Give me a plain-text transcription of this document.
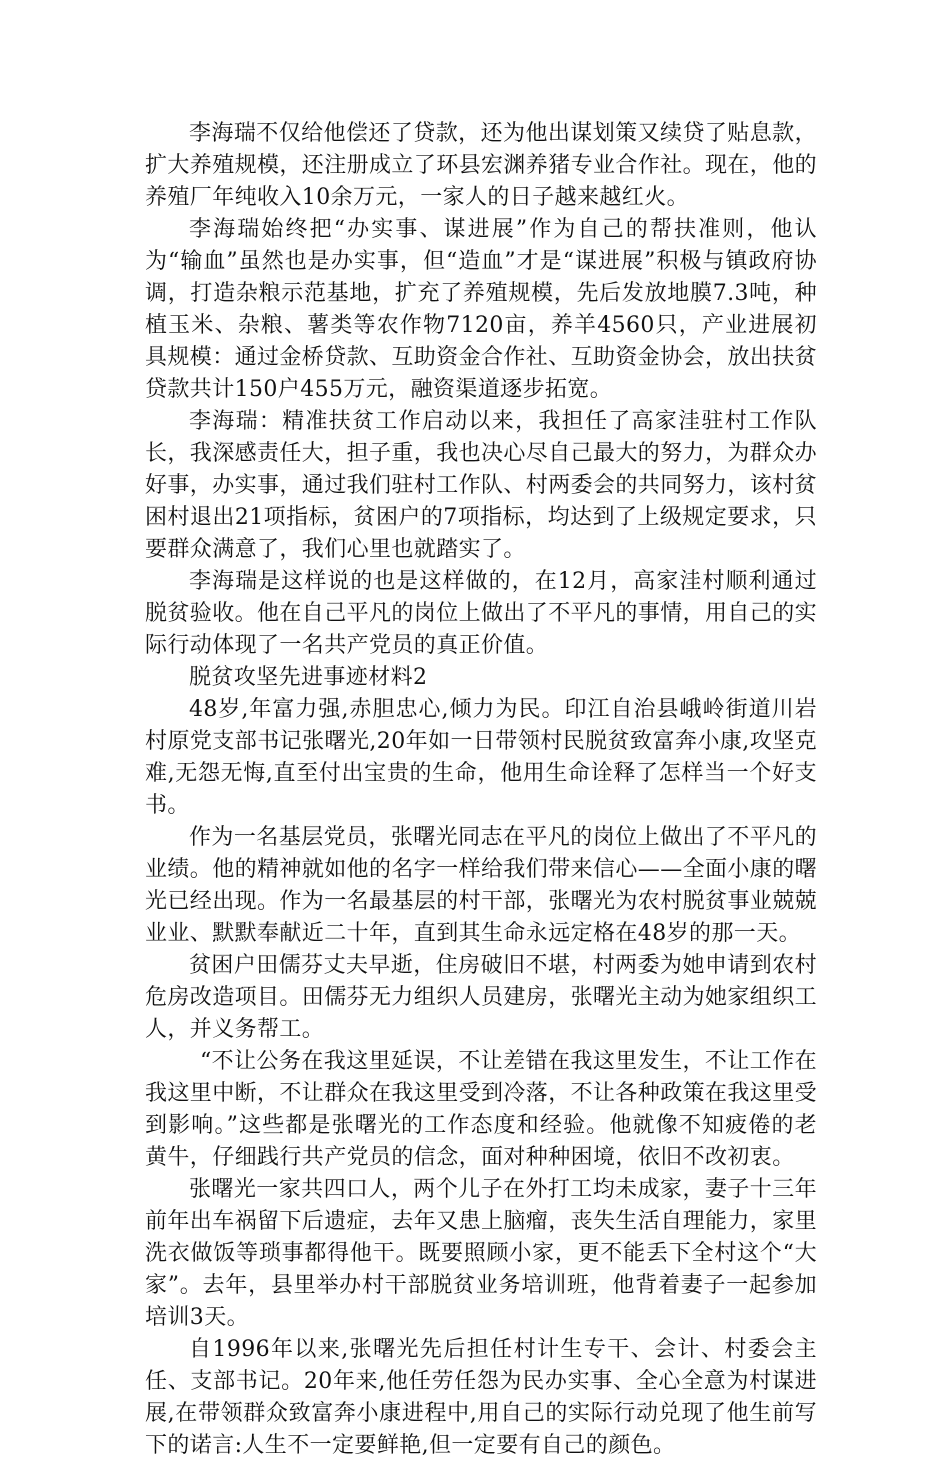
李海瑞不仅给他偿还了贷款，还为他出谋划策又续贷了贴息款，扩大养殖规模，还注册成立了环县宏渊养猪专业合作社。现在，他的养殖厂年纯收入10余万元，一家人的日子越来越红火。

李海瑞始终把“办实事、谋进展”作为自己的帮扶准则，他认为“输血”虽然也是办实事，但“造血”才是“谋进展”积极与镇政府协调，打造杂粮示范基地，扩充了养殖规模，先后发放地膜7.3吨，种植玉米、杂粮、薯类等农作物7120亩，养羊4560只，产业进展初具规模：通过金桥贷款、互助资金合作社、互助资金协会，放出扶贫贷款共计150户455万元，融资渠道逐步拓宽。

李海瑞：精准扶贫工作启动以来，我担任了高家洼驻村工作队长，我深感责任大，担子重，我也决心尽自己最大的努力，为群众办好事，办实事，通过我们驻村工作队、村两委会的共同努力，该村贫困村退出21项指标，贫困户的7项指标，均达到了上级规定要求，只要群众满意了，我们心里也就踏实了。

李海瑞是这样说的也是这样做的，在12月，高家洼村顺利通过脱贫验收。他在自己平凡的岗位上做出了不平凡的事情，用自己的实际行动体现了一名共产党员的真正价值。

脱贫攻坚先进事迹材料2

48岁,年富力强,赤胆忠心,倾力为民。印江自治县峨岭街道川岩村原党支部书记张曙光,20年如一日带领村民脱贫致富奔小康,攻坚克难,无怨无悔,直至付出宝贵的生命，他用生命诠释了怎样当一个好支书。

作为一名基层党员，张曙光同志在平凡的岗位上做出了不平凡的业绩。他的精神就如他的名字一样给我们带来信心——全面小康的曙光已经出现。作为一名最基层的村干部，张曙光为农村脱贫事业兢兢业业、默默奉献近二十年，直到其生命永远定格在48岁的那一天。

贫困户田儒芬丈夫早逝，住房破旧不堪，村两委为她申请到农村危房改造项目。田儒芬无力组织人员建房，张曙光主动为她家组织工人，并义务帮工。

“不让公务在我这里延误，不让差错在我这里发生，不让工作在我这里中断，不让群众在我这里受到冷落，不让各种政策在我这里受到影响。”这些都是张曙光的工作态度和经验。他就像不知疲倦的老黄牛，仔细践行共产党员的信念，面对种种困境，依旧不改初衷。

张曙光一家共四口人，两个儿子在外打工均未成家，妻子十三年前年出车祸留下后遗症，去年又患上脑瘤，丧失生活自理能力，家里洗衣做饭等琐事都得他干。既要照顾小家，更不能丢下全村这个“大家”。去年，县里举办村干部脱贫业务培训班，他背着妻子一起参加培训3天。

自1996年以来,张曙光先后担任村计生专干、会计、村委会主任、支部书记。20年来,他任劳任怨为民办实事、全心全意为村谋进展,在带领群众致富奔小康进程中,用自己的实际行动兑现了他生前写下的诺言:人生不一定要鲜艳,但一定要有自己的颜色。
